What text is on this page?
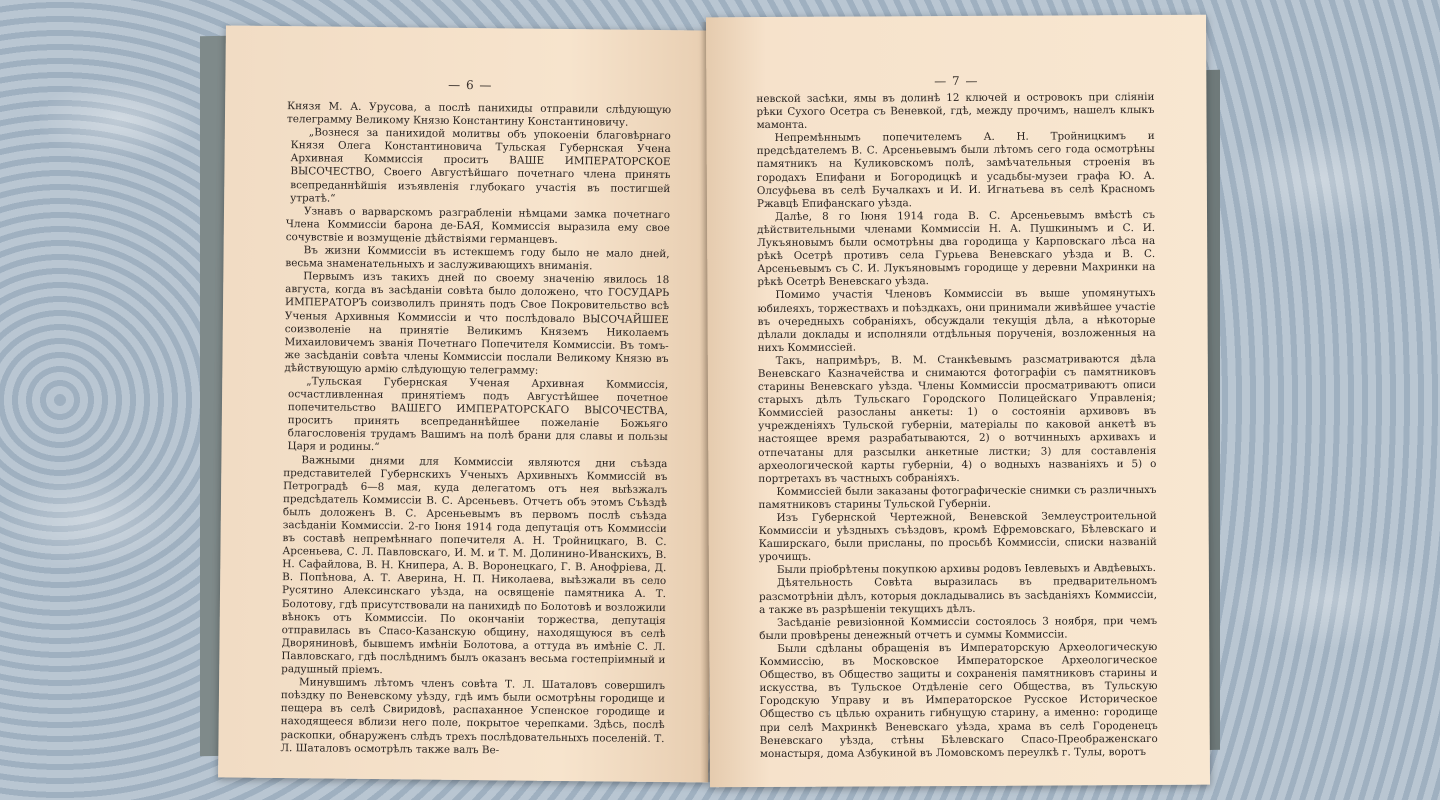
— 6 —

Князя М. А. Урусова, а послѣ панихиды отправили слѣдующую телеграмму Великому Князю Константину Константиновичу.

„Вознеся за панихидой молитвы объ упокоеніи благовѣрнаго Князя Олега Константиновича Тульская Губернская Учена Архивная Коммиссія проситъ ВАШЕ ИМПЕРАТОРСКОЕ ВЫСОЧЕСТВО, Своего Августѣйшаго почетнаго члена принять всепреданнѣйшія изъявленія глубокаго участія въ постигшей утратѣ.“

Узнавъ о варварскомъ разграбленіи нѣмцами замка почетнаго Члена Коммиссіи барона де-БАЯ, Коммиссія выразила ему свое сочувствіе и возмущеніе дѣйствіями германцевъ.

Въ жизни Коммиссіи въ истекшемъ году было не мало дней, весьма знаменательныхъ и заслуживающихъ вниманія.

Первымъ изъ такихъ дней по своему значенію явилось 18 августа, когда въ засѣданіи совѣта было доложено, что ГОСУДАРЬ ИМПЕРАТОРЪ соизволилъ принять подъ Свое Покровительство всѣ Ученыя Архивныя Коммиссіи и что послѣдовало ВЫСОЧАЙШЕЕ соизволеніе на принятіе Великимъ Княземъ Николаемъ Михаиловичемъ званія Почетнаго Попечителя Коммиссіи. Въ томъ-же засѣданіи совѣта члены Коммиссіи послали Великому Князю въ дѣйствующую армію слѣдующую телеграмму:

„Тульская Губернская Ученая Архивная Коммиссія, осчастливленная принятіемъ подъ Августѣйшее почетное попечительство ВАШЕГО ИМПЕРАТОРСКАГО ВЫСОЧЕСТВА, проситъ принять всепреданнѣйшее пожеланіе Божьяго благословенія трудамъ Вашимъ на полѣ брани для славы и пользы Царя и родины.“

Важными днями для Коммиссіи являются дни съѣзда представителей Губернскихъ Ученыхъ Архивныхъ Коммиссій въ Петроградѣ 6—8 мая, куда делегатомъ отъ нея выѣзжалъ предсѣдатель Коммиссіи В. С. Арсеньевъ. Отчетъ объ этомъ Съѣздѣ былъ доложенъ В. С. Арсеньевымъ въ первомъ послѣ съѣзда засѣданіи Коммиссіи. 2-го Іюня 1914 года депутація отъ Коммиссіи въ составѣ непремѣннаго попечителя А. Н. Тройницкаго, В. С. Арсеньева, С. Л. Павловскаго, И. М. и Т. М. Долинино-Иванскихъ, В. Н. Сафайлова, В. Н. Книпера, А. В. Воронецкаго, Г. В. Анофріева, Д. В. Попѣнова, А. Т. Аверина, Н. П. Николаева, выѣзжали въ село Русятино Алексинскаго уѣзда, на освященіе памятника А. Т. Болотову, гдѣ присутствовали на панихидѣ по Болотовѣ и возложили вѣнокъ отъ Коммиссіи. По окончаніи торжества, депутація отправилась въ Спасо-Казанскую общину, находящуюся въ селѣ Дворяниновѣ, бывшемъ имѣніи Болотова, а оттуда въ имѣніе С. Л. Павловскаго, гдѣ послѣднимъ былъ оказанъ весьма гостепріимный и радушный пріемъ.

Минувшимъ лѣтомъ членъ совѣта Т. Л. Шаталовъ совершилъ поѣздку по Веневскому уѣзду, гдѣ имъ были осмотрѣны городище и пещера въ селѣ Свиридовѣ, распаханное Успенское городище и находящееся вблизи него поле, покрытое черепками. Здѣсь, послѣ раскопки, обнаруженъ слѣдъ трехъ послѣдовательныхъ поселеній. Т. Л. Шаталовъ осмотрѣлъ также валъ Ве-

— 7 —

невской засѣки, ямы въ долинѣ 12 ключей и островокъ при сліяніи рѣки Сухого Осетра съ Веневкой, гдѣ, между прочимъ, нашелъ клыкъ мамонта.

Непремѣннымъ попечителемъ А. Н. Тройницкимъ и предсѣдателемъ В. С. Арсеньевымъ были лѣтомъ сего года осмотрѣны памятникъ на Куликовскомъ полѣ, замѣчательныя строенія въ городахъ Епифани и Богородицкѣ и усадьбы-музеи графа Ю. А. Олсуфьева въ селѣ Бучалкахъ и И. И. Игнатьева въ селѣ Красномъ Ржавцѣ Епифанскаго уѣзда.

Далѣе, 8 го Іюня 1914 года В. С. Арсеньевымъ вмѣстѣ съ дѣйствительными членами Коммиссіи Н. А. Пушкинымъ и С. И. Лукъяновымъ были осмотрѣны два городища у Карповскаго лѣса на рѣкѣ Осетрѣ противъ села Гурьева Веневскаго уѣзда и В. С. Арсеньевымъ съ С. И. Лукъяновымъ городище у деревни Махринки на рѣкѣ Осетрѣ Веневскаго уѣзда.

Помимо участія Членовъ Коммиссіи въ выше упомянутыхъ юбилеяхъ, торжествахъ и поѣздкахъ, они принимали живѣйшее участіе въ очередныхъ собраніяхъ, обсуждали текущія дѣла, а нѣкоторые дѣлали доклады и исполняли отдѣльныя порученія, возложенныя на нихъ Коммиссіей.

Такъ, напримѣръ, В. М. Станкѣевымъ разсматриваются дѣла Веневскаго Казначейства и снимаются фотографіи съ памятниковъ старины Веневскаго уѣзда. Члены Коммиссіи просматриваютъ описи старыхъ дѣлъ Тульскаго Городского Полицейскаго Управленія; Коммиссіей разосланы анкеты: 1) о состояніи архивовъ въ учрежденіяхъ Тульской губерніи, матеріалы по каковой анкетѣ въ настоящее время разрабатываются, 2) о вотчинныхъ архивахъ и отпечатаны для разсылки анкетные листки; 3) для составленія археологической карты губерніи, 4) о водныхъ названіяхъ и 5) о портретахъ въ частныхъ собраніяхъ.

Коммиссіей были заказаны фотографическіе снимки съ различныхъ памятниковъ старины Тульской Губерніи.

Изъ Губернской Чертежной, Веневской Землеустроительной Коммиссіи и уѣздныхъ съѣздовъ, кромѣ Ефремовскаго, Бѣлевскаго и Каширскаго, были присланы, по просьбѣ Коммиссіи, списки названій урочищъ.

Были пріобрѣтены покупкою архивы родовъ Іевлевыхъ и Авдѣевыхъ.

Дѣятельность Совѣта выразилась въ предварительномъ разсмотрѣніи дѣлъ, которыя докладывались въ засѣданіяхъ Коммиссіи, а также въ разрѣшеніи текущихъ дѣлъ.

Засѣданіе ревизіонной Коммиссіи состоялось 3 ноября, при чемъ были провѣрены денежный отчетъ и суммы Коммиссіи.

Были сдѣланы обращенія въ Императорскую Археологическую Коммиссію, въ Московское Императорское Археологическое Общество, въ Общество защиты и сохраненія памятниковъ старины и искусства, въ Тульское Отдѣленіе сего Общества, въ Тульскую Городскую Управу и въ Императорское Русское Историческое Общество съ цѣлью охранить гибнущую старину, а именно: городище при селѣ Махринкѣ Веневскаго уѣзда, храма въ селѣ Городенецъ Веневскаго уѣзда, стѣны Бѣлевскаго Спасо-Преображенскаго монастыря, дома Азбукиной въ Ломовскомъ переулкѣ г. Тулы, воротъ
